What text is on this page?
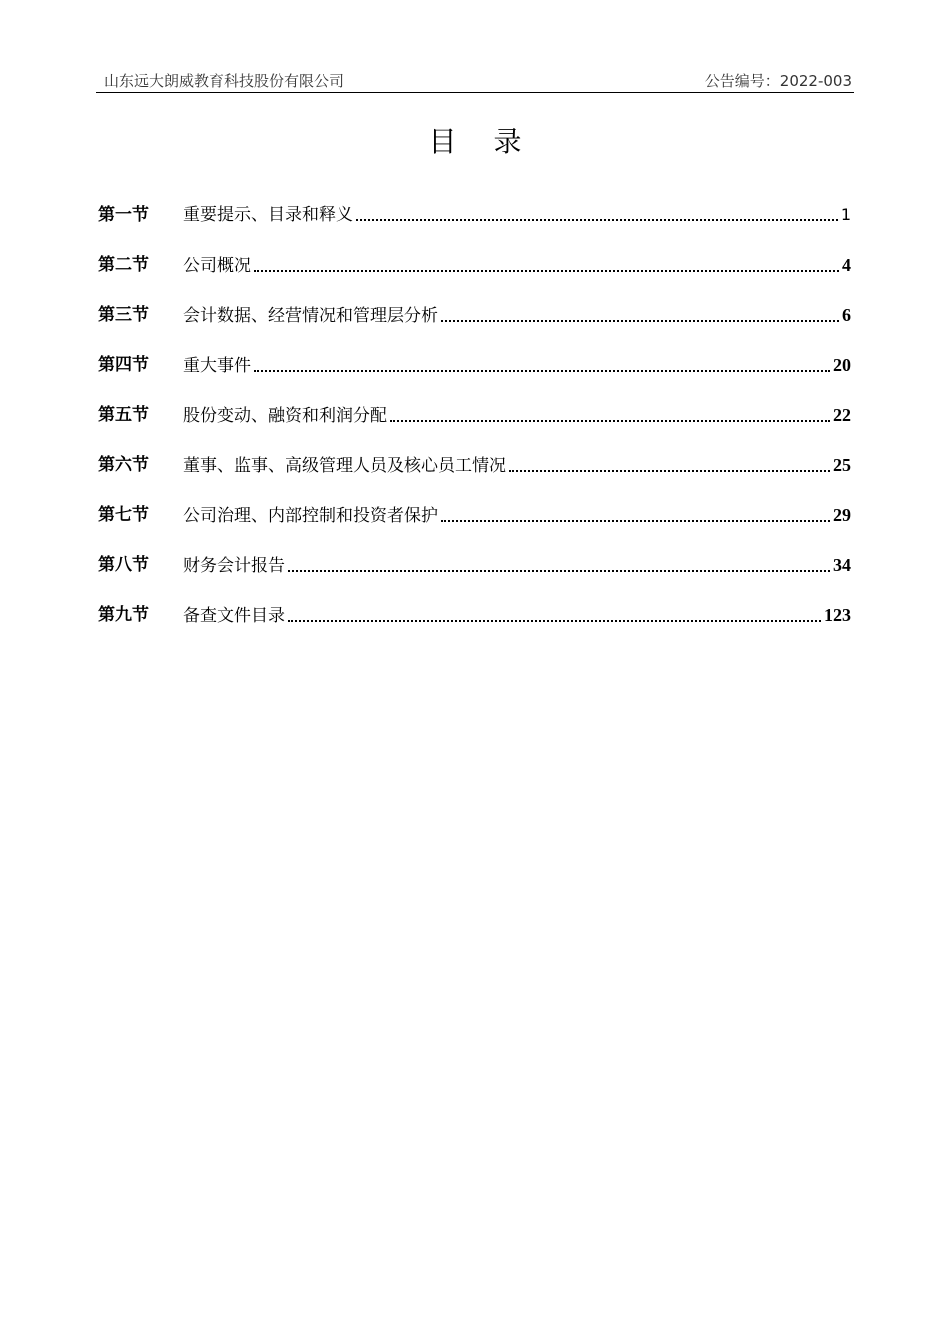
山东远大朗威教育科技股份有限公司	公告编号：2022-003
目 录
第一节	重要提示、目录和释义	1
第二节	公司概况	4
第三节	会计数据、经营情况和管理层分析	6
第四节	重大事件	20
第五节	股份变动、融资和利润分配	22
第六节	董事、监事、高级管理人员及核心员工情况	25
第七节	公司治理、内部控制和投资者保护	29
第八节	财务会计报告	34
第九节	备查文件目录	123
